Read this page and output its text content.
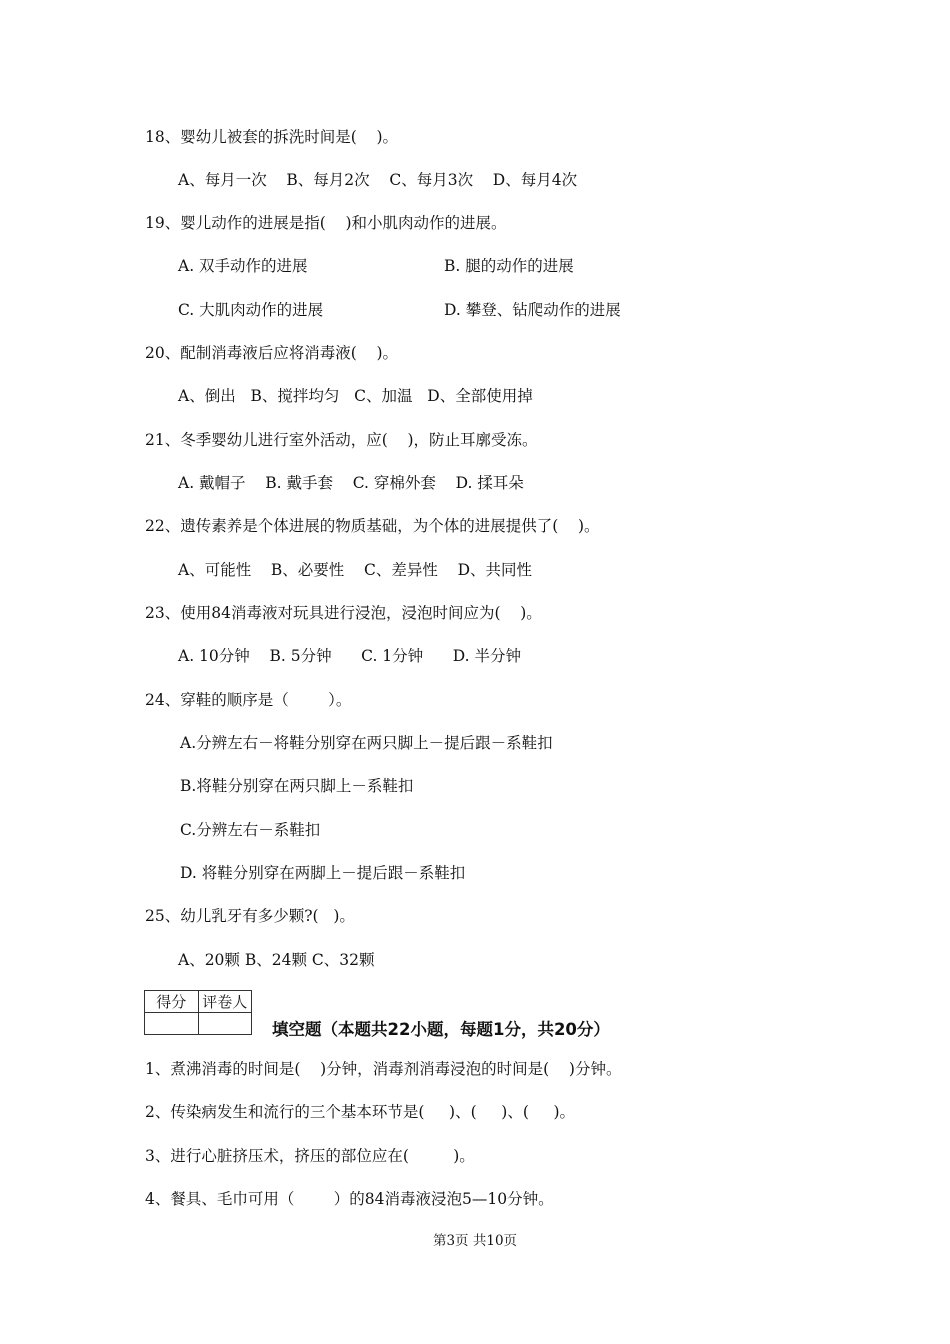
18、婴幼儿被套的拆洗时间是(    )。
A、每月一次    B、每月2次    C、每月3次    D、每月4次
19、婴儿动作的进展是指(    )和小肌肉动作的进展。
A. 双手动作的进展	B. 腿的动作的进展
C. 大肌肉动作的进展	D. 攀登、钻爬动作的进展
20、配制消毒液后应将消毒液(    )。
A、倒出   B、搅拌均匀   C、加温   D、全部使用掉
21、冬季婴幼儿进行室外活动，应(    )，防止耳廓受冻。
A. 戴帽子    B. 戴手套    C. 穿棉外套    D. 揉耳朵
22、遗传素养是个体进展的物质基础，为个体的进展提供了(    )。
A、可能性    B、必要性    C、差异性    D、共同性
23、使用84消毒液对玩具进行浸泡，浸泡时间应为(    )。
A. 10分钟    B. 5分钟      C. 1分钟      D. 半分钟
24、穿鞋的顺序是（        ）。
A.分辨左右－将鞋分别穿在两只脚上－提后跟－系鞋扣
B.将鞋分别穿在两只脚上－系鞋扣
C.分辨左右－系鞋扣
D. 将鞋分别穿在两脚上－提后跟－系鞋扣
25、幼儿乳牙有多少颗?(   )。
A、20颗 B、24颗 C、32颗
得分	评卷人

填空题（本题共22小题，每题1分，共20分）
1、煮沸消毒的时间是(    )分钟，消毒剂消毒浸泡的时间是(    )分钟。
2、传染病发生和流行的三个基本环节是(     )、(     )、(     )。
3、进行心脏挤压术，挤压的部位应在(         )。
4、餐具、毛巾可用（        ）的84消毒液浸泡5—10分钟。
第3页 共10页
